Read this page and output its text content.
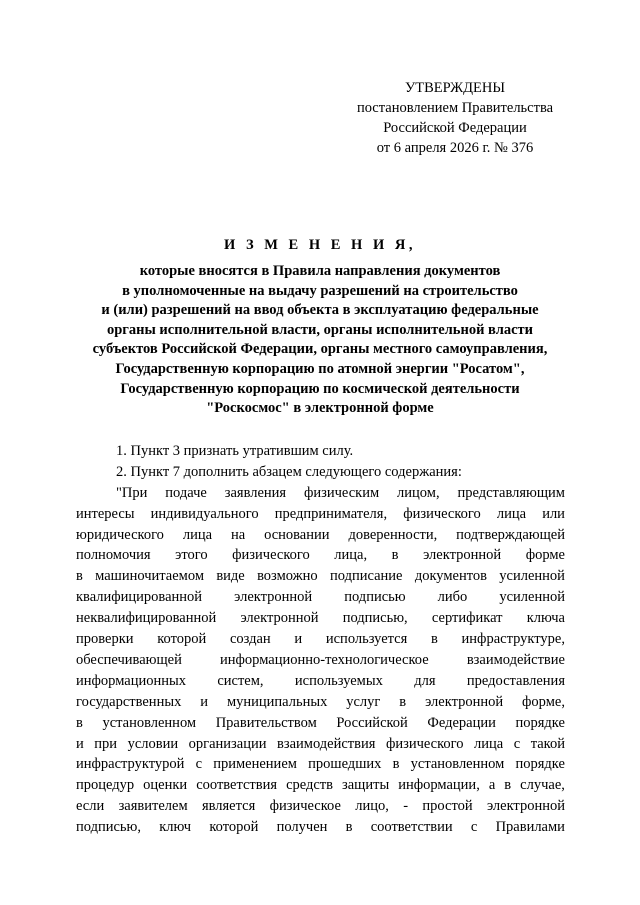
УТВЕРЖДЕНЫ
постановлением Правительства
Российской Федерации
от 6 апреля 2026 г. № 376
И З М Е Н Е Н И Я,
которые вносятся в Правила направления документов
в уполномоченные на выдачу разрешений на строительство
и (или) разрешений на ввод объекта в эксплуатацию федеральные
органы исполнительной власти, органы исполнительной власти
субъектов Российской Федерации, органы местного самоуправления,
Государственную корпорацию по атомной энергии "Росатом",
Государственную корпорацию по космической деятельности
"Роскосмос" в электронной форме
1. Пункт 3 признать утратившим силу.
2. Пункт 7 дополнить абзацем следующего содержания:
"При подаче заявления физическим лицом, представляющим
интересы индивидуального предпринимателя, физического лица или
юридического лица на основании доверенности, подтверждающей
полномочия этого физического лица, в электронной форме
в машиночитаемом виде возможно подписание документов усиленной
квалифицированной электронной подписью либо усиленной
неквалифицированной электронной подписью, сертификат ключа
проверки которой создан и используется в инфраструктуре,
обеспечивающей	информационно-технологическое	взаимодействие
информационных систем, используемых для предоставления
государственных и муниципальных услуг в электронной форме,
в установленном Правительством Российской Федерации порядке
и при условии организации взаимодействия физического лица с такой
инфраструктурой с применением прошедших в установленном порядке
процедур оценки соответствия средств защиты информации, а в случае,
если заявителем является физическое лицо, - простой электронной
подписью, ключ которой получен в соответствии с Правилами
